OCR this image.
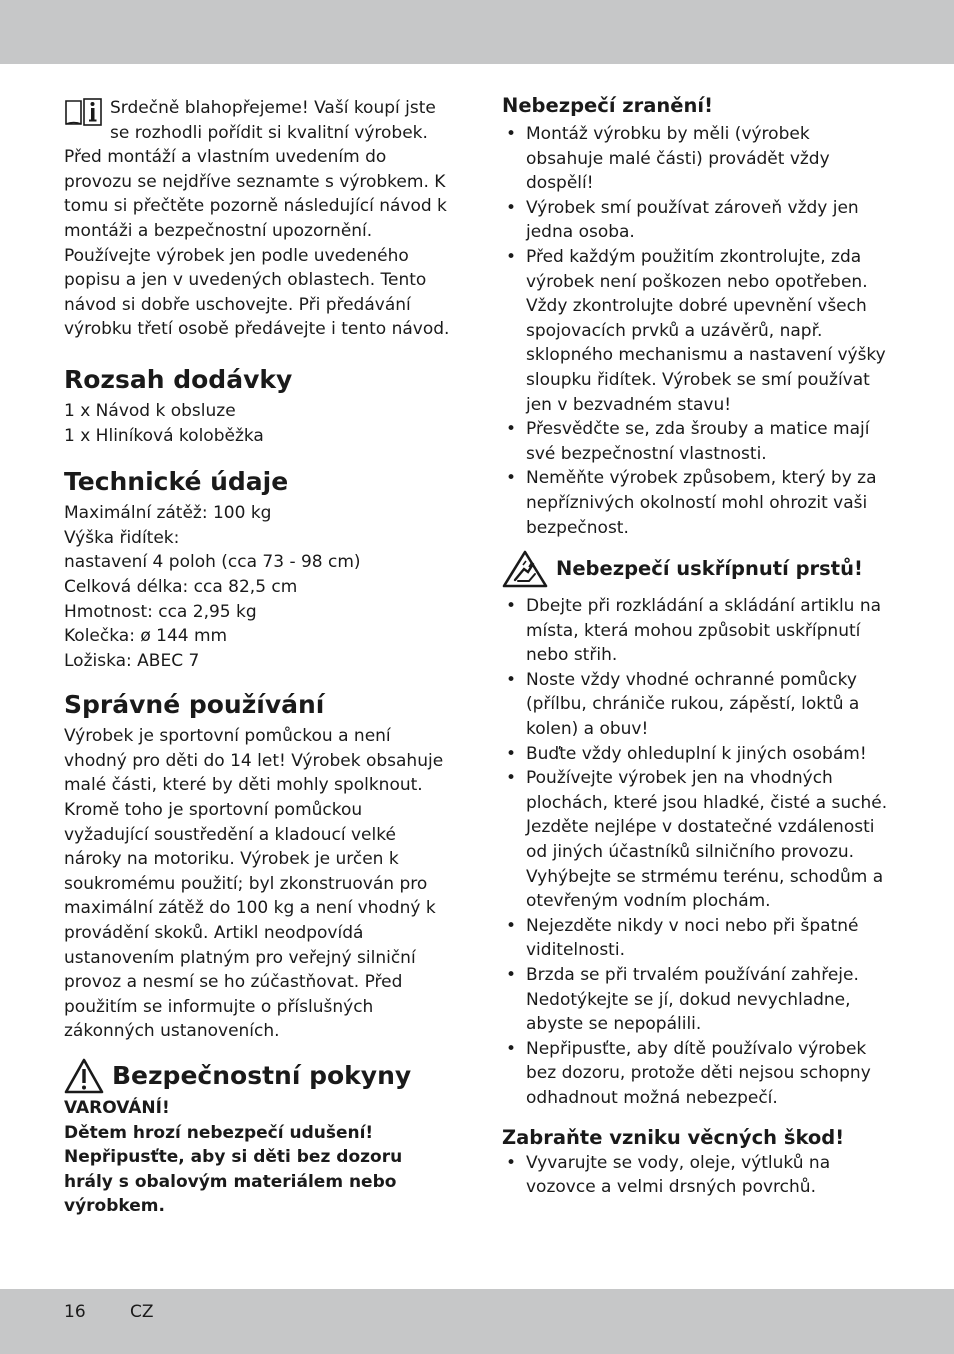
Srdečně blahopřejeme! Vaší koupí jste se rozhodli pořídit si kvalitní výrobek. Před montáží a vlastním uvedením do provozu se nejdříve seznamte s výrobkem. K tomu si přečtěte pozorně následující návod k montáži a bezpečnostní upozornění. Používejte výrobek jen podle uvedeného popisu a jen v uvedených oblastech. Tento návod si dobře uschovejte. Při předávání výrobku třetí osobě předávejte i tento návod.

Rozsah dodávky
1 x Návod k obsluze
1 x Hliníková koloběžka
Technické údaje
Maximální zátěž: 100 kg
Výška řidítek:
nastavení 4 poloh (cca 73 - 98 cm)
Celková délka: cca 82,5 cm
Hmotnost: cca 2,95 kg
Kolečka: ø 144 mm
Ložiska: ABEC 7
Správné používání

Výrobek je sportovní pomůckou a není vhodný pro děti do 14 let! Výrobek obsahuje malé části, které by děti mohly spolknout. Kromě toho je sportovní pomůckou vyžadující soustředění a kladoucí velké nároky na motoriku. Výrobek je určen k soukromému použití; byl zkonstruován pro maximální zátěž do 100 kg a není vhodný k provádění skoků. Artikl neodpovídá ustanovením platným pro veřejný silniční provoz a nesmí se ho zúčastňovat. Před použitím se informujte o příslušných zákonných ustanoveních.

Bezpečnostní pokyny

VAROVÁNÍ!

Dětem hrozí nebezpečí udušení! Nepřipusťte, aby si děti bez dozoru hrály s obalovým materiálem nebo výrobkem.

Nebezpečí zranění!
• Montáž výrobku by měli (výrobek obsahuje malé části) provádět vždy dospělí!
• Výrobek smí používat zároveň vždy jen jedna osoba.
• Před každým použitím zkontrolujte, zda výrobek není poškozen nebo opotřeben. Vždy zkontrolujte dobré upevnění všech spojovacích prvků a uzávěrů, např. sklopného mechanismu a nastavení výšky sloupku řidítek. Výrobek se smí používat jen v bezvadném stavu!
• Přesvědčte se, zda šrouby a matice mají své bezpečnostní vlastnosti.
• Neměňte výrobek způsobem, který by za nepříznivých okolností mohl ohrozit vaši bezpečnost.
Nebezpečí uskřípnutí prstů!
• Dbejte při rozkládání a skládání artiklu na místa, která mohou způsobit uskřípnutí nebo střih.
• Noste vždy vhodné ochranné pomůcky (přílbu, chrániče rukou, zápěstí, loktů a kolen) a obuv!
• Buďte vždy ohleduplní k jiných osobám!
• Používejte výrobek jen na vhodných plochách, které jsou hladké, čisté a suché. Jezděte nejlépe v dostatečné vzdálenosti od jiných účastníků silničního provozu. Vyhýbejte se strmému terénu, schodům a otevřeným vodním plochám.
• Nejezděte nikdy v noci nebo při špatné viditelnosti.
• Brzda se při trvalém používání zahřeje. Nedotýkejte se jí, dokud nevychladne, abyste se nepopálili.
• Nepřipusťte, aby dítě používalo výrobek bez dozoru, protože děti nejsou schopny odhadnout možná nebezpečí.
Zabraňte vzniku věcných škod!
• Vyvarujte se vody, oleje, výtluků na vozovce a velmi drsných povrchů.
16	CZ
